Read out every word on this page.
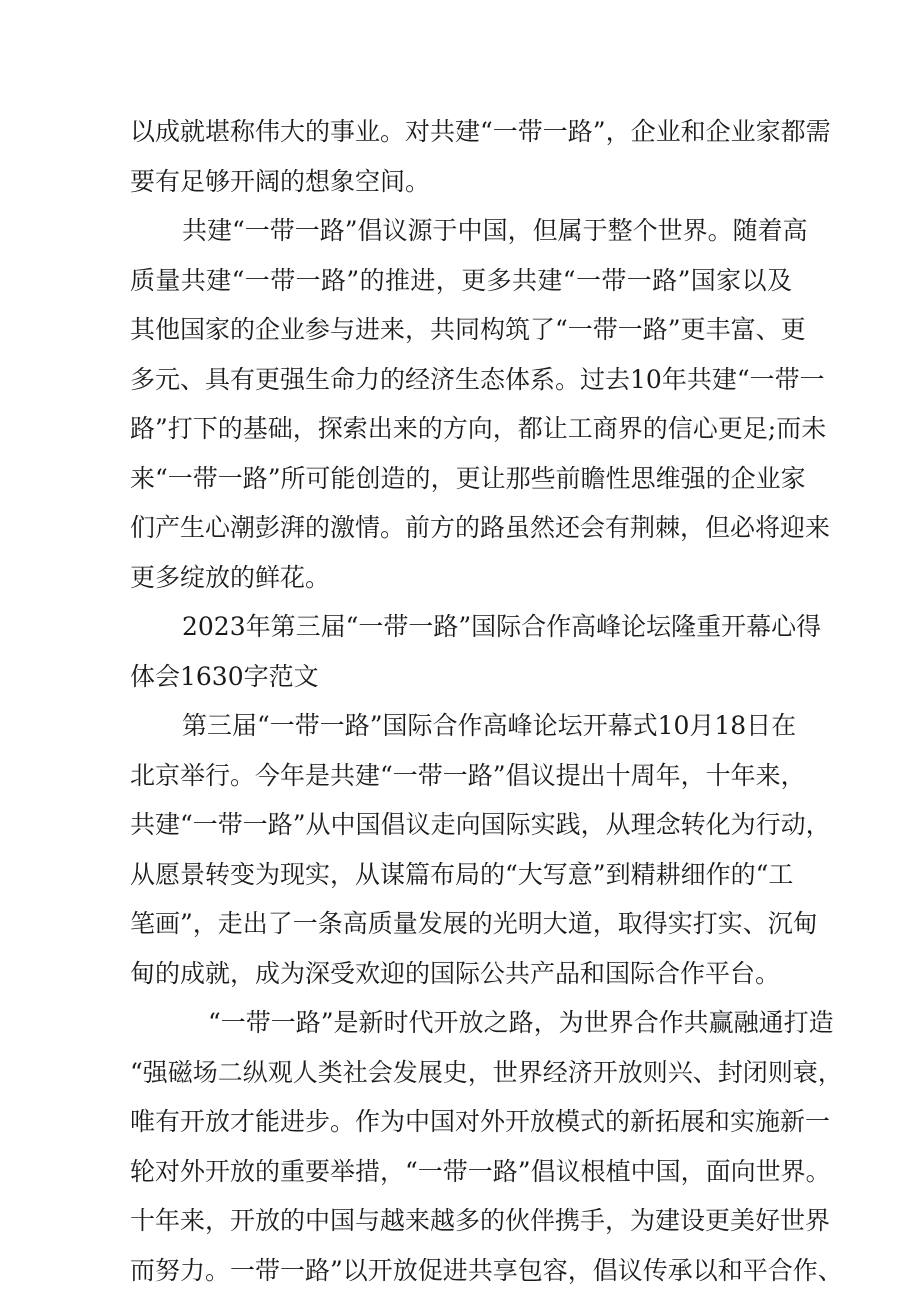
以成就堪称伟大的事业。对共建“一带一路”，企业和企业家都需
要有足够开阔的想象空间。
共建“一带一路”倡议源于中国，但属于整个世界。随着高
质量共建“一带一路”的推进，更多共建“一带一路”国家以及
其他国家的企业参与进来，共同构筑了“一带一路”更丰富、更
多元、具有更强生命力的经济生态体系。过去10年共建“一带一
路”打下的基础，探索出来的方向，都让工商界的信心更足;而未
来“一带一路”所可能创造的，更让那些前瞻性思维强的企业家
们产生心潮彭湃的激情。前方的路虽然还会有荆棘，但必将迎来
更多绽放的鲜花。
2023年第三届“一带一路”国际合作高峰论坛隆重开幕心得
体会1630字范文
第三届“一带一路”国际合作高峰论坛开幕式10月18日在
北京举行。今年是共建“一带一路”倡议提出十周年，十年来，
共建“一带一路”从中国倡议走向国际实践，从理念转化为行动，
从愿景转变为现实，从谋篇布局的“大写意”到精耕细作的“工
笔画”，走出了一条高质量发展的光明大道，取得实打实、沉甸
甸的成就，成为深受欢迎的国际公共产品和国际合作平台。
“一带一路”是新时代开放之路，为世界合作共赢融通打造
“强磁场二纵观人类社会发展史，世界经济开放则兴、封闭则衰，
唯有开放才能进步。作为中国对外开放模式的新拓展和实施新一
轮对外开放的重要举措，“一带一路”倡议根植中国，面向世界。
十年来，开放的中国与越来越多的伙伴携手，为建设更美好世界
而努力。一带一路”以开放促进共享包容，倡议传承以和平合作、
